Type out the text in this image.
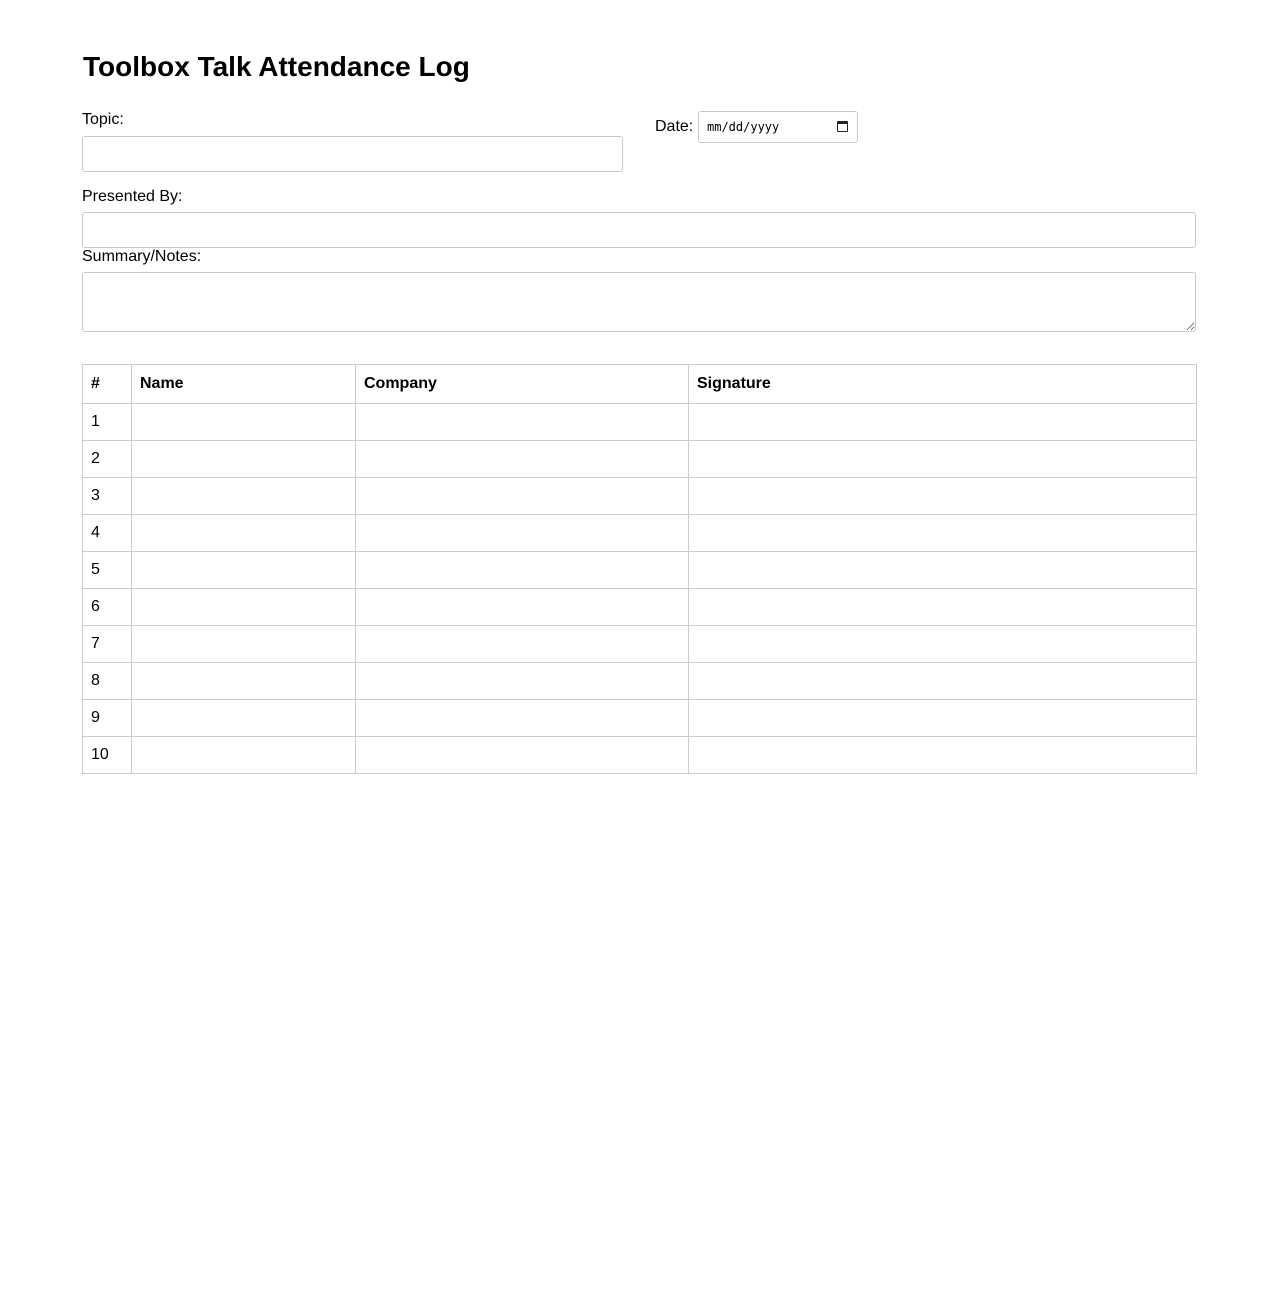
Toolbox Talk Attendance Log
Topic:	Date: mm/dd/yyyy
Presented By:
Summary/Notes:
#	Name	Company	Signature
1			
2			
3			
4			
5			
6			
7			
8			
9			
10			
